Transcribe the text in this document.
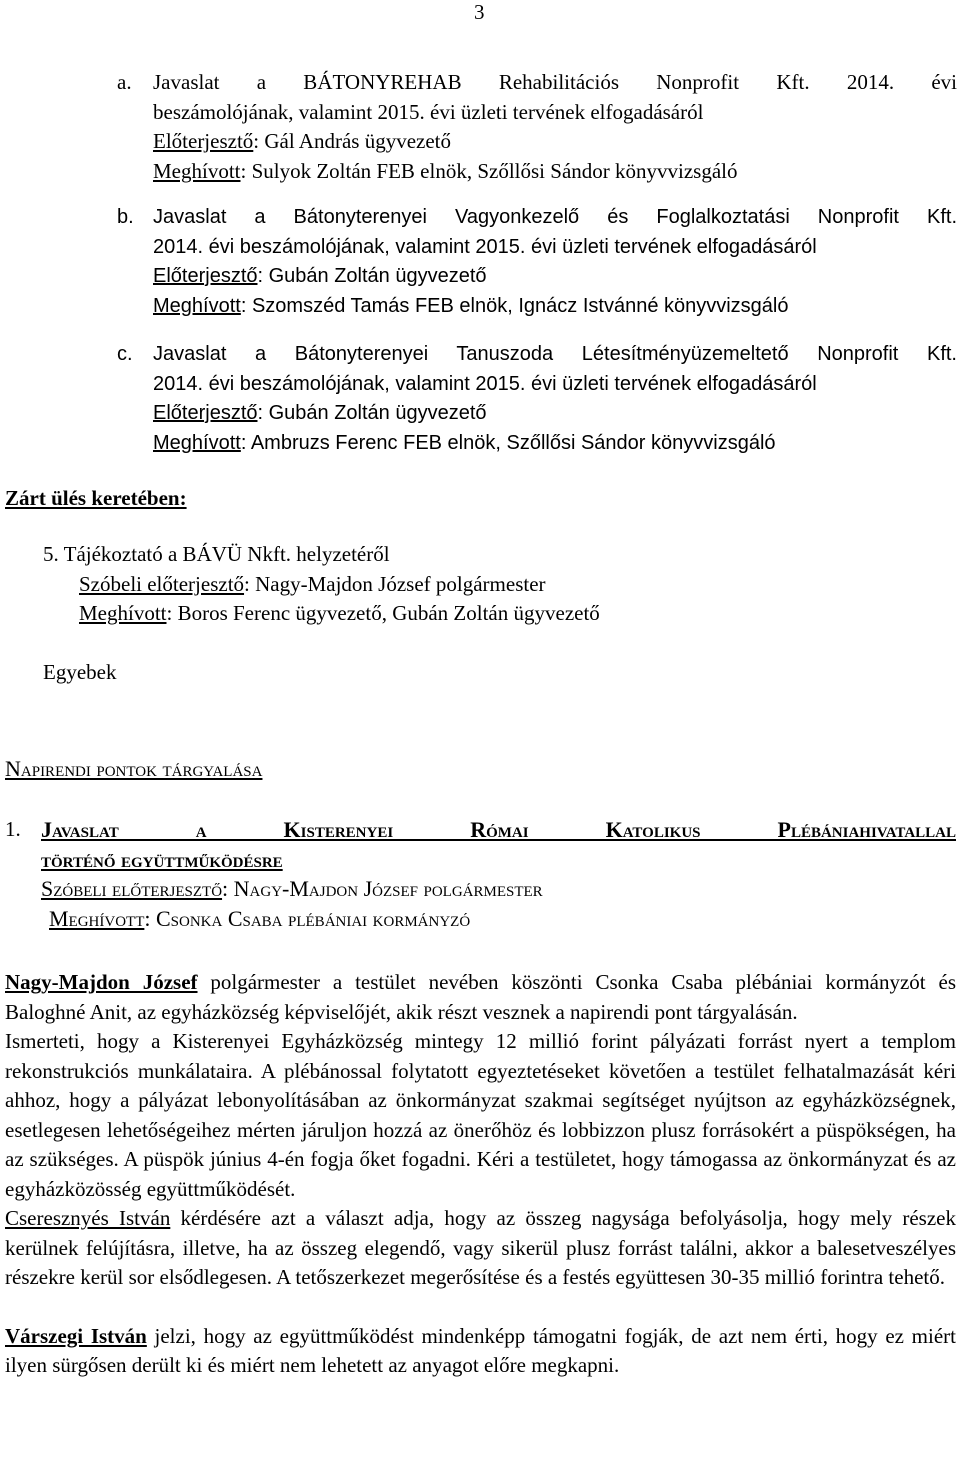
3
a. Javaslat a BÁTONYREHAB Rehabilitációs Nonprofit Kft. 2014. évi
beszámolójának, valamint 2015. évi üzleti tervének elfogadásáról
Előterjesztő: Gál András ügyvezető
Meghívott: Sulyok Zoltán FEB elnök, Szőllősi Sándor könyvvizsgáló
b. Javaslat a Bátonyterenyei Vagyonkezelő és Foglalkoztatási Nonprofit Kft.
2014. évi beszámolójának, valamint 2015. évi üzleti tervének elfogadásáról
Előterjesztő: Gubán Zoltán ügyvezető
Meghívott: Szomszéd Tamás FEB elnök, Ignácz Istvánné könyvvizsgáló
c. Javaslat a Bátonyterenyei Tanuszoda Létesítményüzemeltető Nonprofit Kft.
2014. évi beszámolójának, valamint 2015. évi üzleti tervének elfogadásáról
Előterjesztő: Gubán Zoltán ügyvezető
Meghívott: Ambruzs Ferenc FEB elnök, Szőllősi Sándor könyvvizsgáló
Zárt ülés keretében:
5. Tájékoztató a BÁVÜ Nkft. helyzetéről
Szóbeli előterjesztő: Nagy-Majdon József polgármester
Meghívott: Boros Ferenc ügyvezető, Gubán Zoltán ügyvezető
Egyebek
Napirendi pontok tárgyalása
1. Javaslat a Kisterenyei Római Katolikus Plébániahivatallal
történő együttműködésre
Szóbeli előterjesztő: Nagy-Majdon József polgármester
Meghívott: Csonka Csaba plébániai kormányzó

Nagy-Majdon József polgármester a testület nevében köszönti Csonka Csaba plébániai kormányzót és Baloghné Anit, az egyházközség képviselőjét, akik részt vesznek a napirendi pont tárgyalásán.

Ismerteti, hogy a Kisterenyei Egyházközség mintegy 12 millió forint pályázati forrást nyert a templom rekonstrukciós munkálataira. A plébánossal folytatott egyeztetéseket követően a testület felhatalmazását kéri ahhoz, hogy a pályázat lebonyolításában az önkormányzat szakmai segítséget nyújtson az egyházközségnek, esetlegesen lehetőségeihez mérten járuljon hozzá az önerőhöz és lobbizzon plusz forrásokért a püspökségen, ha az szükséges. A püspök június 4-én fogja őket fogadni. Kéri a testületet, hogy támogassa az önkormányzat és az egyházközösség együttműködését.

Cseresznyés István kérdésére azt a választ adja, hogy az összeg nagysága befolyásolja, hogy mely részek kerülnek felújításra, illetve, ha az összeg elegendő, vagy sikerül plusz forrást találni, akkor a balesetveszélyes részekre kerül sor elsődlegesen. A tetőszerkezet megerősítése és a festés együttesen 30-35 millió forintra tehető.

Várszegi István jelzi, hogy az együttműködést mindenképp támogatni fogják, de azt nem érti, hogy ez miért ilyen sürgősen derült ki és miért nem lehetett az anyagot előre megkapni.
